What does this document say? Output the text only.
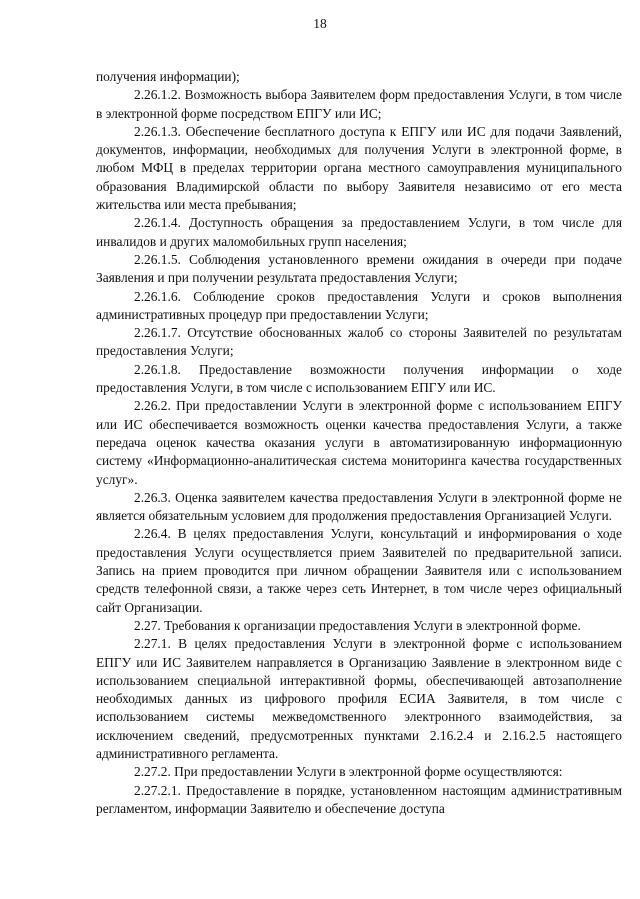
18

получения информации);

2.26.1.2. Возможность выбора Заявителем форм предоставления Услуги, в том числе в электронной форме посредством ЕПГУ или ИС;

2.26.1.3. Обеспечение бесплатного доступа к ЕПГУ или ИС для подачи Заявлений, документов, информации, необходимых для получения Услуги в электронной форме, в любом МФЦ в пределах территории органа местного самоуправления муниципального образования Владимирской области по выбору Заявителя независимо от его места жительства или места пребывания;

2.26.1.4. Доступность обращения за предоставлением Услуги, в том числе для инвалидов и других маломобильных групп населения;

2.26.1.5. Соблюдения установленного времени ожидания в очереди при подаче Заявления и при получении результата предоставления Услуги;

2.26.1.6. Соблюдение сроков предоставления Услуги и сроков выполнения административных процедур при предоставлении Услуги;

2.26.1.7. Отсутствие обоснованных жалоб со стороны Заявителей по результатам предоставления Услуги;

2.26.1.8. Предоставление возможности получения информации о ходе предоставления Услуги, в том числе с использованием ЕПГУ или ИС.

2.26.2. При предоставлении Услуги в электронной форме с использованием ЕПГУ или ИС обеспечивается возможность оценки качества предоставления Услуги, а также передача оценок качества оказания услуги в автоматизированную информационную систему «Информационно-аналитическая система мониторинга качества государственных услуг».

2.26.3. Оценка заявителем качества предоставления Услуги в электронной форме не является обязательным условием для продолжения предоставления Организацией Услуги.

2.26.4. В целях предоставления Услуги, консультаций и информирования о ходе предоставления Услуги осуществляется прием Заявителей по предварительной записи. Запись на прием проводится при личном обращении Заявителя или с использованием средств телефонной связи, а также через сеть Интернет, в том числе через официальный сайт Организации.

2.27. Требования к организации предоставления Услуги в электронной форме.

2.27.1. В целях предоставления Услуги в электронной форме с использованием ЕПГУ или ИС Заявителем направляется в Организацию Заявление в электронном виде с использованием специальной интерактивной формы, обеспечивающей автозаполнение необходимых данных из цифрового профиля ЕСИА Заявителя, в том числе с использованием системы межведомственного электронного взаимодействия, за исключением сведений, предусмотренных пунктами 2.16.2.4 и 2.16.2.5 настоящего административного регламента.

2.27.2. При предоставлении Услуги в электронной форме осуществляются:

2.27.2.1. Предоставление в порядке, установленном настоящим административным регламентом, информации Заявителю и обеспечение доступа
